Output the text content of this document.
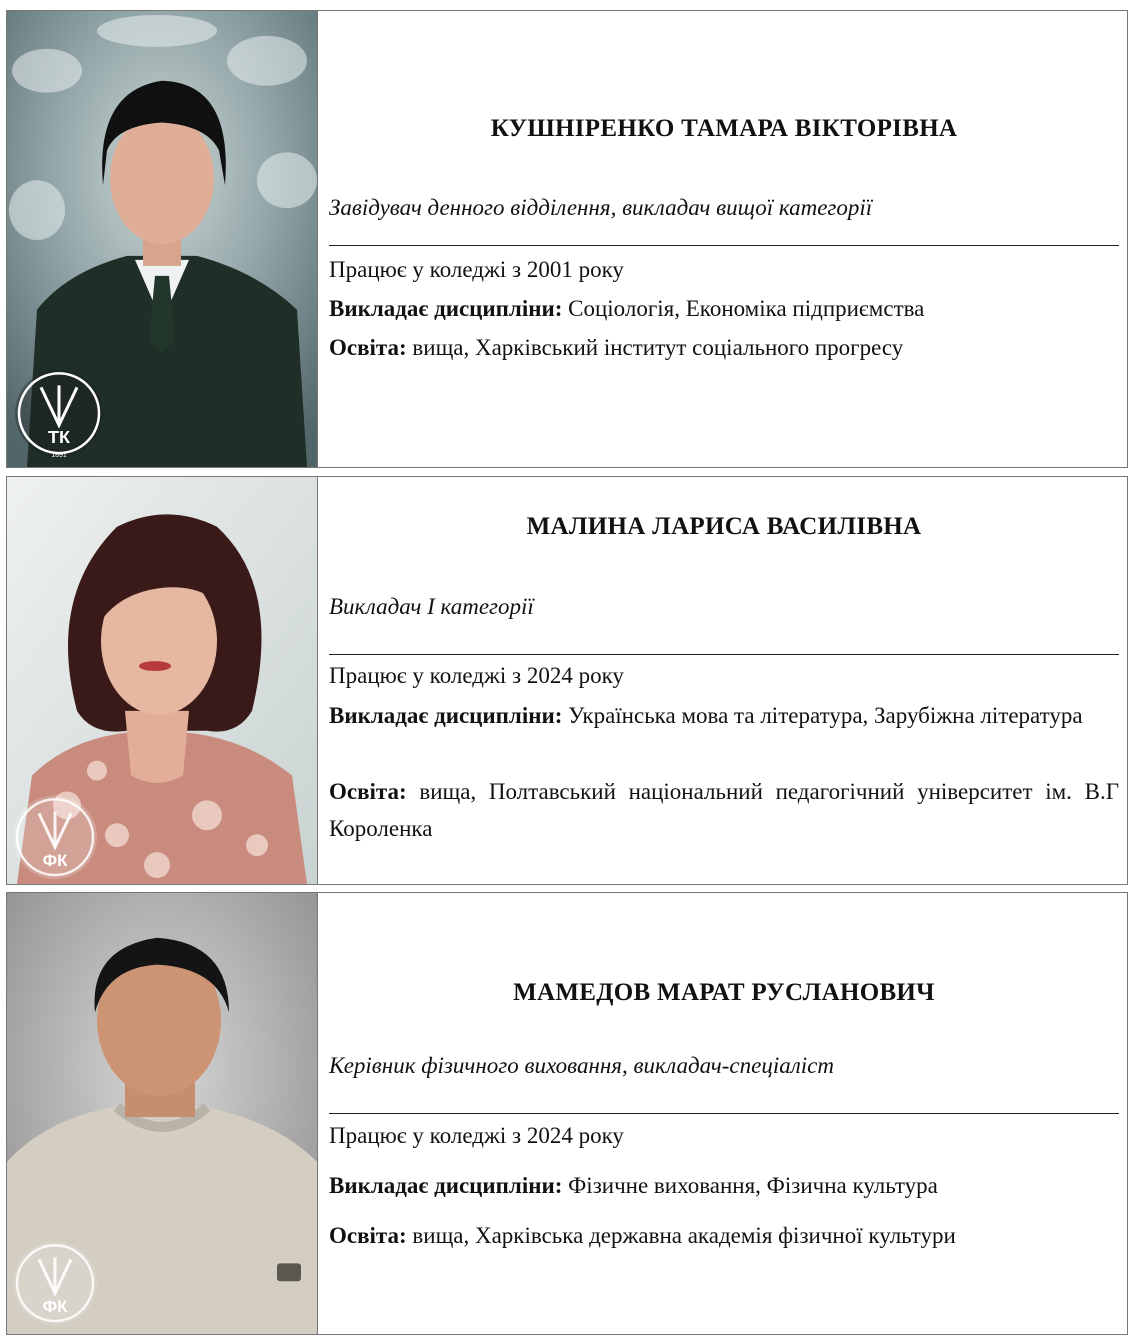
ТК
1891
КУШНІРЕНКО ТАМАРА ВІКТОРІВНА
Завідувач денного відділення, викладач вищої категорії
Працює у коледжі з 2001 року
Викладає дисципліни: Соціологія, Економіка підприємства
Освіта: вища, Харківський інститут соціального прогресу
ФК
МАЛИНА ЛАРИСА ВАСИЛІВНА
Викладач І категорії
Працює у коледжі з 2024 року
Викладає дисципліни: Українська мова та література, Зарубіжна література
Освіта: вища, Полтавський національний педагогічний університет ім. В.Г Короленка
ФК
МАМЕДОВ МАРАТ РУСЛАНОВИЧ
Керівник фізичного виховання, викладач-спеціаліст
Працює у коледжі з 2024 року
Викладає дисципліни: Фізичне виховання, Фізична культура
Освіта: вища, Харківська державна академія фізичної культури
